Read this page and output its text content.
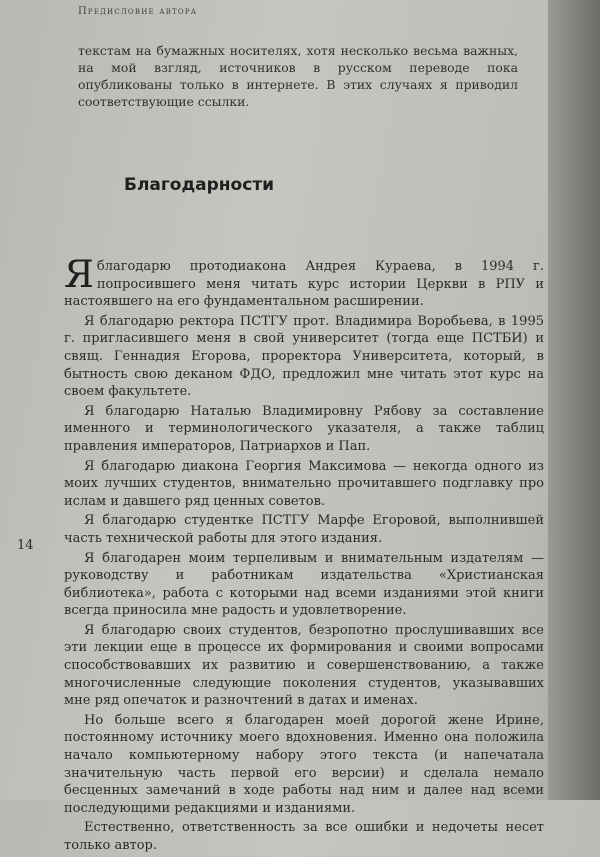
Предисловие автора

текстам на бумажных носителях, хотя несколько весьма важных, на мой взгляд, источников в русском переводе пока опубликованы только в интернете. В этих случаях я приводил соответствующие ссылки.

Благодарности
14

Я благодарю протодиакона Андрея Кураева, в 1994 г. попросившего меня читать курс истории Церкви в РПУ и настоявшего на его фундаментальном расширении.

Я благодарю ректора ПСТГУ прот. Владимира Воробьева, в 1995 г. пригласившего меня в свой университет (тогда еще ПСТБИ) и свящ. Геннадия Егорова, проректора Университета, который, в бытность свою деканом ФДО, предложил мне читать этот курс на своем факультете.

Я благодарю Наталью Владимировну Рябову за составление именного и терминологического указателя, а также таблиц правления императоров, Патриархов и Пап.

Я благодарю диакона Георгия Максимова — некогда одного из моих лучших студентов, внимательно прочитавшего подглавку про ислам и давшего ряд ценных советов.

Я благодарю студентке ПСТГУ Марфе Егоровой, выполнившей часть технической работы для этого издания.

Я благодарен моим терпеливым и внимательным издателям — руководству и работникам издательства «Христианская библиотека», работа с которыми над всеми изданиями этой книги всегда приносила мне радость и удовлетворение.

Я благодарю своих студентов, безропотно прослушивавших все эти лекции еще в процессе их формирования и своими вопросами способствовавших их развитию и совершенствованию, а также многочисленные следующие поколения студентов, указывавших мне ряд опечаток и разночтений в датах и именах.

Но больше всего я благодарен моей дорогой жене Ирине, постоянному источнику моего вдохновения. Именно она положила начало компьютерному набору этого текста (и напечатала значительную часть первой его версии) и сделала немало бесценных замечаний в ходе работы над ним и далее над всеми последующими редакциями и изданиями.

Естественно, ответственность за все ошибки и недочеты несет только автор.
